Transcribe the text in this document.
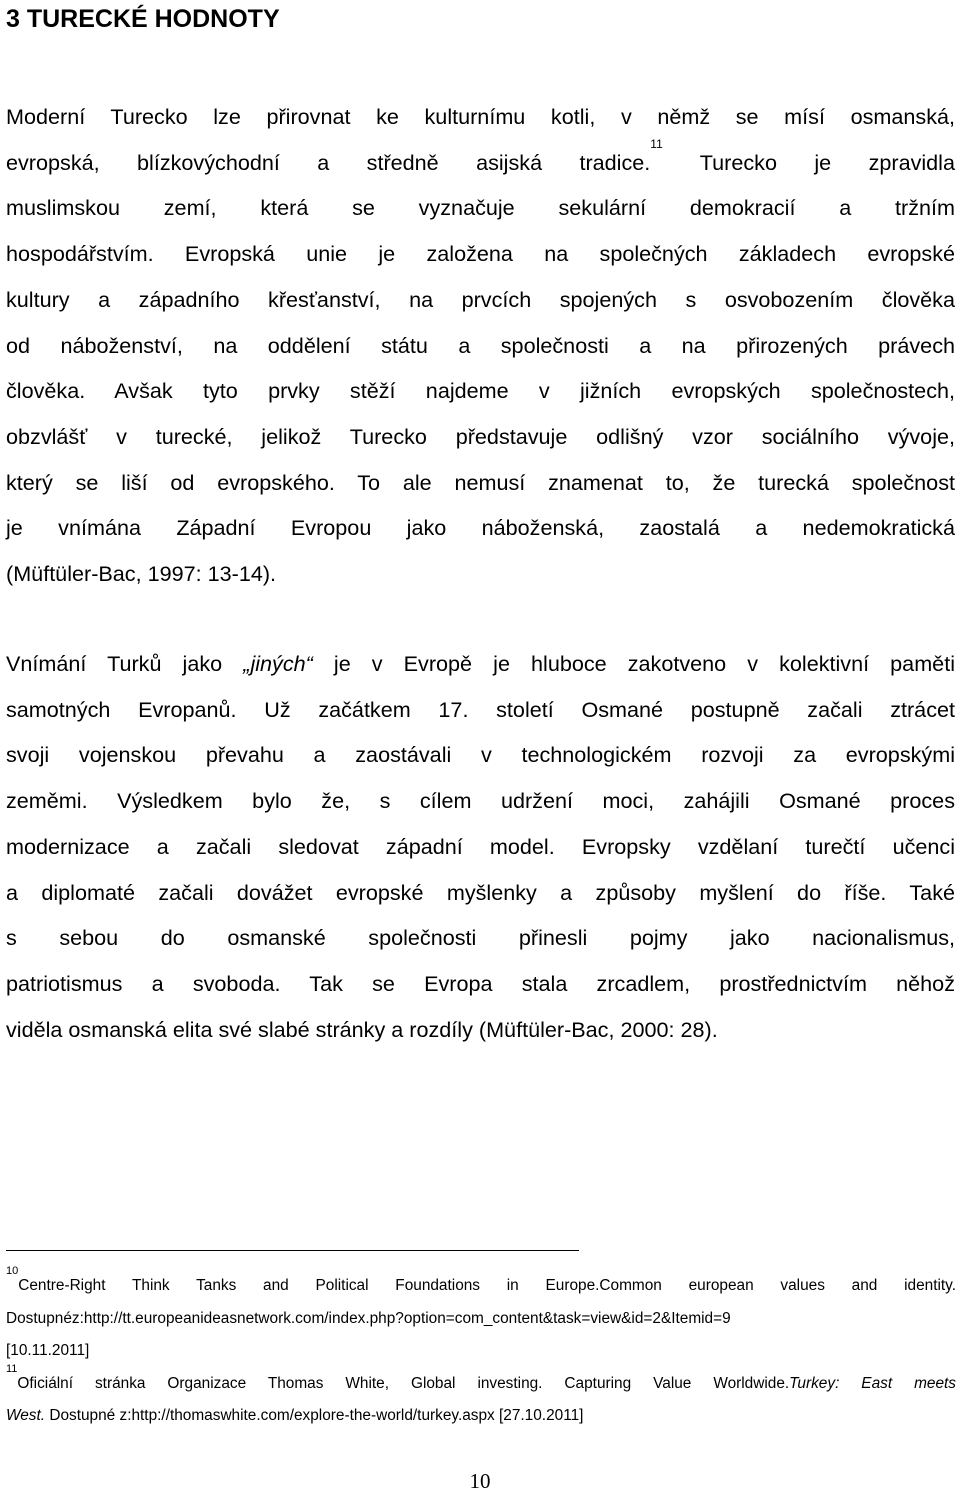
3 TURECKÉ HODNOTY
Moderní Turecko lze přirovnat ke kulturnímu kotli, v němž se mísí osmanská,
evropská, blízkovýchodní a středně asijská tradice.$^{11}$ Turecko je zpravidla
muslimskou zemí, která se vyznačuje sekulární demokracií a tržním
hospodářstvím. Evropská unie je založena na společných základech evropské
kultury a západního křesťanství, na prvcích spojených s osvobozením člověka
od náboženství, na oddělení státu a společnosti a na přirozených právech
člověka. Avšak tyto prvky stěží najdeme v jižních evropských společnostech,
obzvlášť v turecké, jelikož Turecko představuje odlišný vzor sociálního vývoje,
který se liší od evropského. To ale nemusí znamenat to, že turecká společnost
je vnímána Západní Evropou jako náboženská, zaostalá a nedemokratická
(Müftüler-Bac, 1997: 13-14).
Vnímání Turků jako „jiných“ je v Evropě je hluboce zakotveno v kolektivní paměti
samotných Evropanů. Už začátkem 17. století Osmané postupně začali ztrácet
svoji vojenskou převahu a zaostávali v technologickém rozvoji za evropskými
zeměmi. Výsledkem bylo že, s cílem udržení moci, zahájili Osmané proces
modernizace a začali sledovat západní model. Evropsky vzdělaní turečtí učenci
a diplomaté začali dovážet evropské myšlenky a způsoby myšlení do říše. Také
s sebou do osmanské společnosti přinesli pojmy jako nacionalismus,
patriotismus a svoboda. Tak se Evropa stala zrcadlem, prostřednictvím něhož
viděla osmanská elita své slabé stránky a rozdíly (Müftüler-Bac, 2000: 28).
$^{10}$Centre-Right Think Tanks and Political Foundations in Europe.Common european values and identity.
Dostupnéz:http://tt.europeanideasnetwork.com/index.php?option=com_content&task=view&id=2&Itemid=9
[10.11.2011]
$^{11}$Oficiální stránka Organizace Thomas White, Global investing. Capturing Value Worldwide.Turkey: East meets
West. Dostupné z:http://thomaswhite.com/explore-the-world/turkey.aspx [27.10.2011]
10
